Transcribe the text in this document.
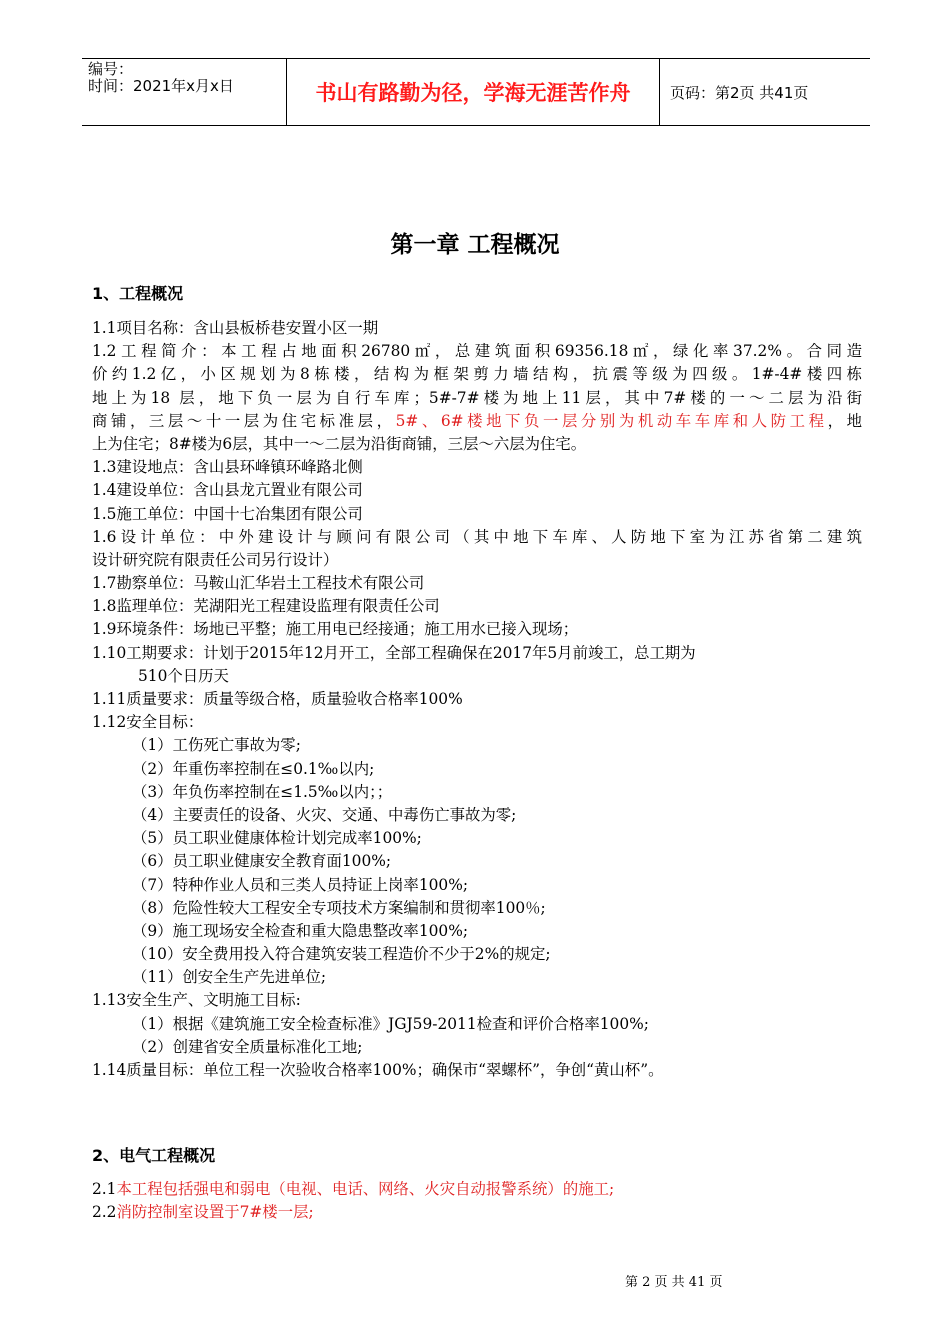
编号：
时间：2021年x月x日	书山有路勤为径，学海无涯苦作舟	页码：第2页 共41页
第一章 工程概况
1、工程概况
1.1项目名称：含山县板桥巷安置小区一期
1.2工程简介：本工程占地面积26780㎡，总建筑面积69356.18㎡，绿化率37.2%。合同造
价约1.2亿，小区规划为8栋楼，结构为框架剪力墙结构，抗震等级为四级。1#-4#楼四栋
地上为18 层，地下负一层为自行车库；5#-7#楼为地上11层，其中7#楼的一～二层为沿街
商铺，三层～十一层为住宅标准层，5#、6#楼地下负一层分别为机动车车库和人防工程，地
上为住宅；8#楼为6层，其中一～二层为沿街商铺，三层～六层为住宅。
1.3建设地点：含山县环峰镇环峰路北侧
1.4建设单位：含山县龙亢置业有限公司
1.5施工单位：中国十七冶集团有限公司
1.6设计单位：中外建设计与顾问有限公司（其中地下车库、人防地下室为江苏省第二建筑
设计研究院有限责任公司另行设计）
1.7勘察单位：马鞍山汇华岩土工程技术有限公司
1.8监理单位：芜湖阳光工程建设监理有限责任公司
1.9环境条件：场地已平整；施工用电已经接通；施工用水已接入现场；
1.10工期要求：计划于2015年12月开工，全部工程确保在2017年5月前竣工，总工期为
510个日历天
1.11质量要求：质量等级合格，质量验收合格率100%
1.12安全目标：
（1）工伤死亡事故为零;
（2）年重伤率控制在≤0.1‰以内;
（3）年负伤率控制在≤1.5‰以内；；
（4）主要责任的设备、火灾、交通、中毒伤亡事故为零;
（5）员工职业健康体检计划完成率100%;
（6）员工职业健康安全教育面100%;
（7）特种作业人员和三类人员持证上岗率100%;
（8）危险性较大工程安全专项技术方案编制和贯彻率100％;
（9）施工现场安全检查和重大隐患整改率100%;
（10）安全费用投入符合建筑安装工程造价不少于2%的规定;
（11）创安全生产先进单位;
1.13安全生产、文明施工目标:
（1）根据《建筑施工安全检查标准》JGJ59-2011检查和评价合格率100%;
（2）创建省安全质量标准化工地;
1.14质量目标：单位工程一次验收合格率100%；确保市“翠螺杯”，争创“黄山杯”。
2、电气工程概况
2.1本工程包括强电和弱电（电视、电话、网络、火灾自动报警系统）的施工;
2.2消防控制室设置于7#楼一层;
第 2 页 共 41 页
